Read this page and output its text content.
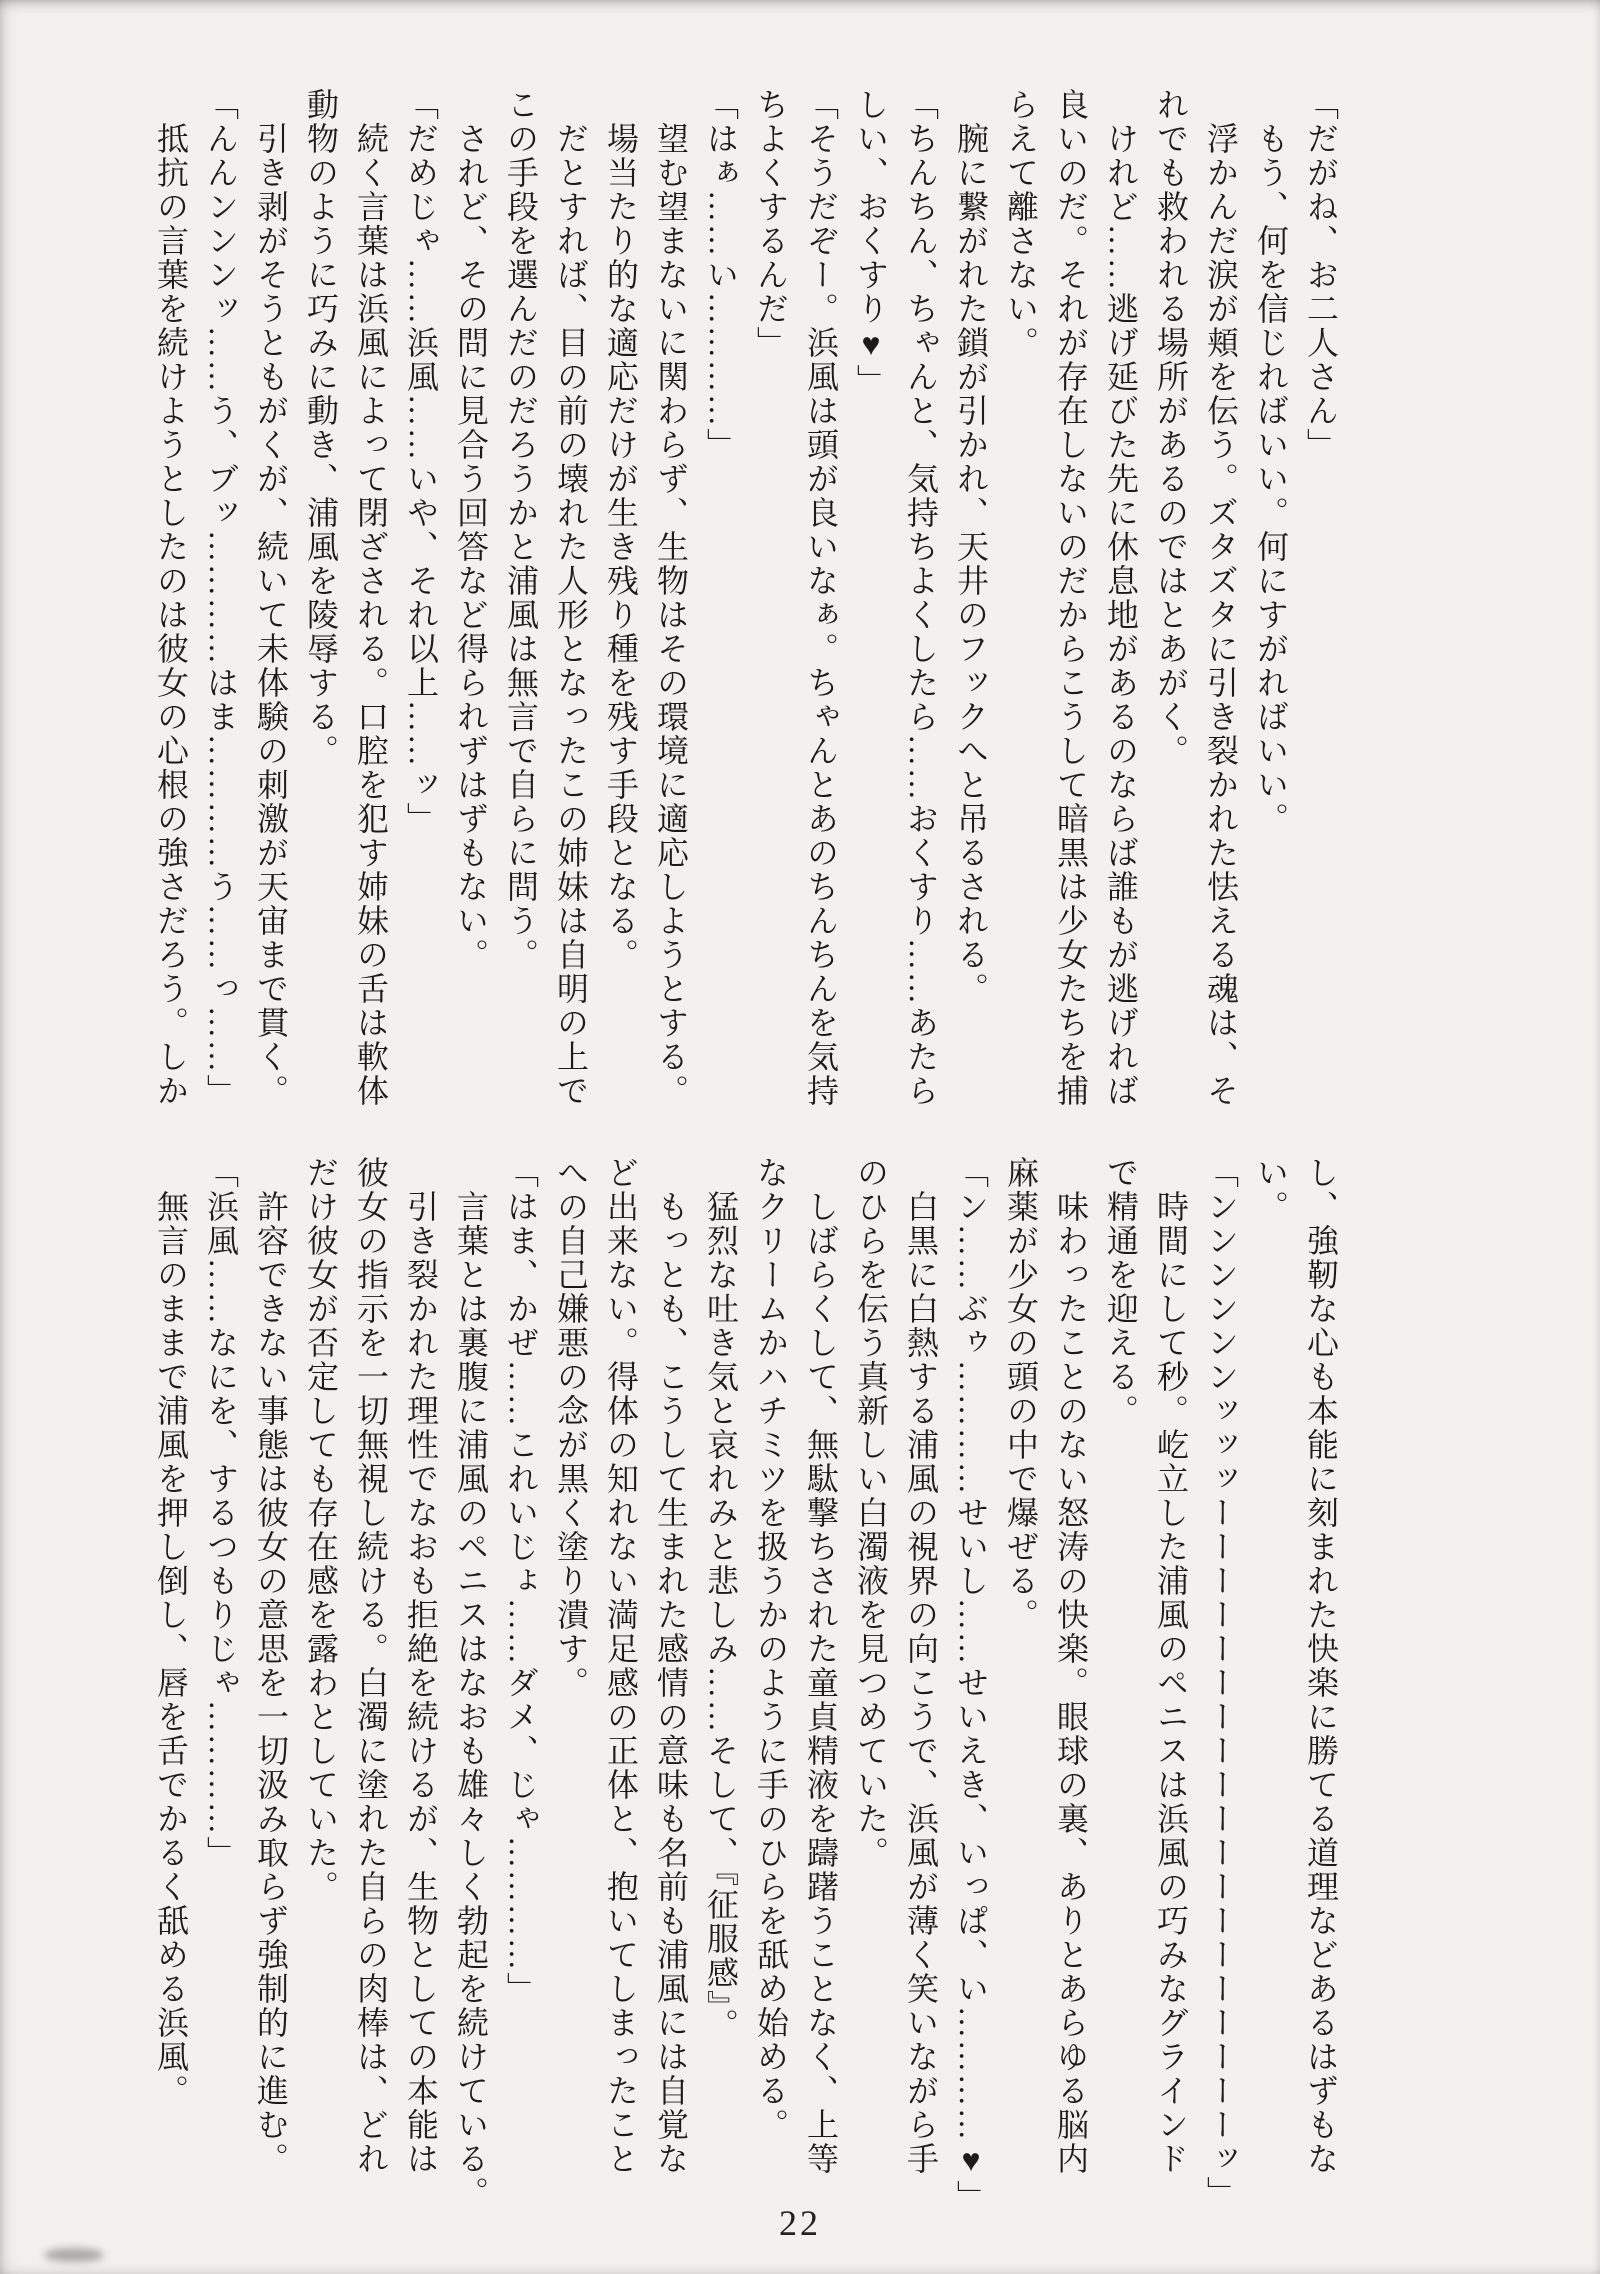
「だがね、お二人さん」

　もう、何を信じればいい。何にすがればいい。

　浮かんだ涙が頬を伝う。ズタズタに引き裂かれた怯える魂は、そ

れでも救われる場所があるのではとあがく。

　けれど……逃げ延びた先に休息地があるのならば誰もが逃げれば

良いのだ。それが存在しないのだからこうして暗黒は少女たちを捕

らえて離さない。

　腕に繋がれた鎖が引かれ、天井のフックへと吊るされる。

「ちんちん、ちゃんと、気持ちよくしたら……おくすり……あたら

しい、おくすり♥」

「そうだぞー。浜風は頭が良いなぁ。ちゃんとあのちんちんを気持

ちよくするんだ」

「はぁ……い…………」

　望む望まないに関わらず、生物はその環境に適応しようとする。

　場当たり的な適応だけが生き残り種を残す手段となる。

　だとすれば、目の前の壊れた人形となったこの姉妹は自明の上で

この手段を選んだのだろうかと浦風は無言で自らに問う。

　されど、その問に見合う回答など得られずはずもない。

「だめじゃ……浜風……いや、それ以上……ッ」

　続く言葉は浜風によって閉ざされる。口腔を犯す姉妹の舌は軟体

動物のように巧みに動き、浦風を陵辱する。

　引き剥がそうともがくが、続いて未体験の刺激が天宙まで貫く。

「んんンンンッ……う、ブッ…………はま…………う……っ……」

　抵抗の言葉を続けようとしたのは彼女の心根の強さだろう。しか

し、強靭な心も本能に刻まれた快楽に勝てる道理などあるはずもな

い。

「ンンンンンンッッッーーーーーーーーーーーーーーーーーーーッ」

　時間にして秒。屹立した浦風のペニスは浜風の巧みなグラインド

で精通を迎える。

　味わったことのない怒涛の快楽。眼球の裏、ありとあらゆる脳内

麻薬が少女の頭の中で爆ぜる。

「ン……ぶゥ…………せいし……せいえき、いっぱ、い…………♥」

　白黒に白熱する浦風の視界の向こうで、浜風が薄く笑いながら手

のひらを伝う真新しい白濁液を見つめていた。

　しばらくして、無駄撃ちされた童貞精液を躊躇うことなく、上等

なクリームかハチミツを扱うかのように手のひらを舐め始める。

　猛烈な吐き気と哀れみと悲しみ……そして、『征服感』。

　もっとも、こうして生まれた感情の意味も名前も浦風には自覚な

ど出来ない。得体の知れない満足感の正体と、抱いてしまったこと

への自己嫌悪の念が黒く塗り潰す。

「はま、かぜ……これいじょ……ダメ、じゃ…………」

　言葉とは裏腹に浦風のペニスはなおも雄々しく勃起を続けている。

　引き裂かれた理性でなおも拒絶を続けるが、生物としての本能は

彼女の指示を一切無視し続ける。白濁に塗れた自らの肉棒は、どれ

だけ彼女が否定しても存在感を露わとしていた。

　許容できない事態は彼女の意思を一切汲み取らず強制的に進む。

「浜風……なにを、するつもりじゃ…………」

　無言のままで浦風を押し倒し、唇を舌でかるく舐める浜風。

22
